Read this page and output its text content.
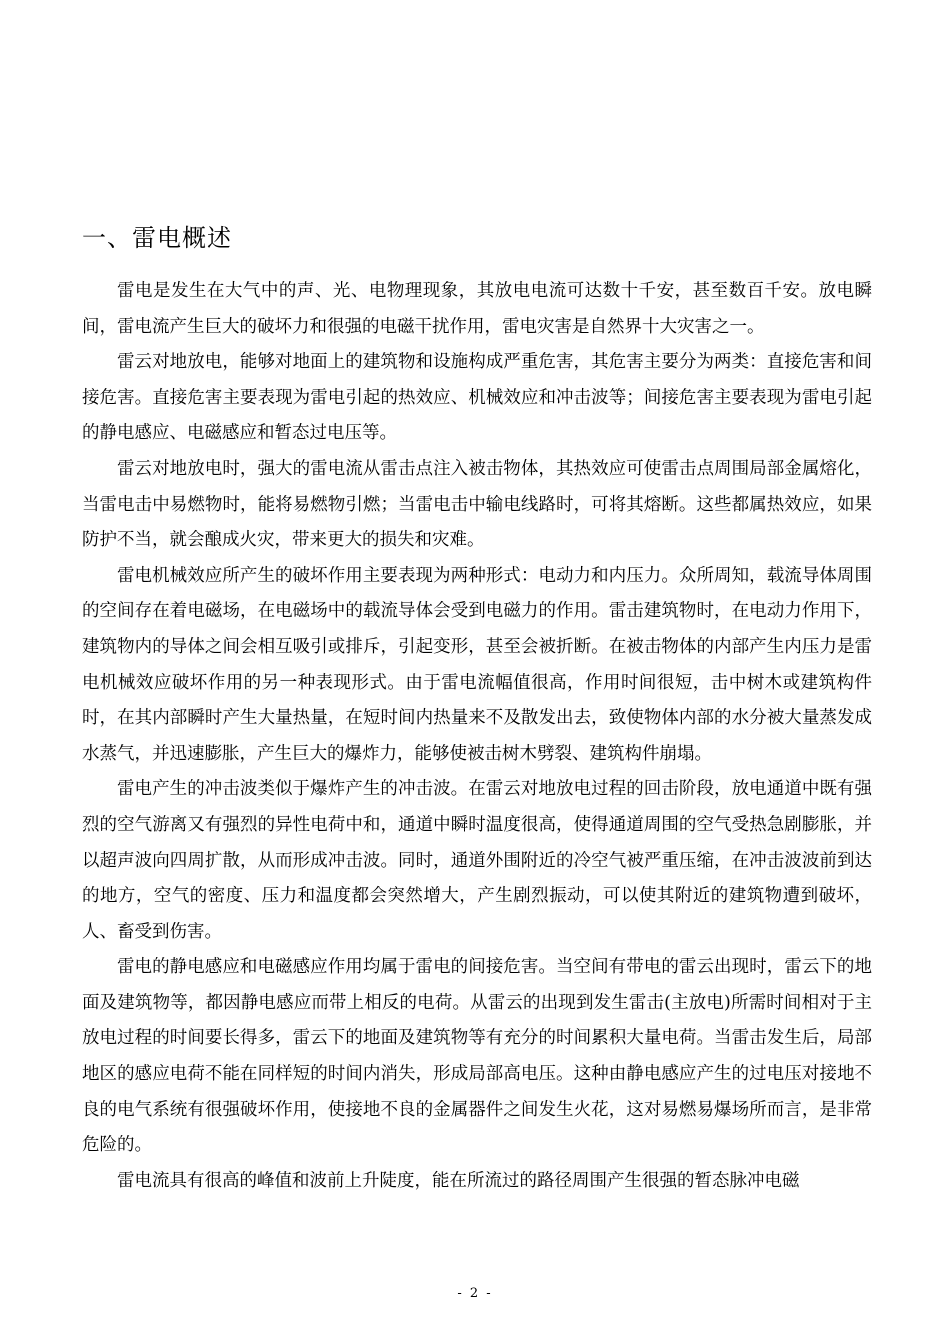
一、雷电概述

雷电是发生在大气中的声、光、电物理现象，其放电电流可达数十千安，甚至数百千安。放电瞬间，雷电流产生巨大的破坏力和很强的电磁干扰作用，雷电灾害是自然界十大灾害之一。

雷云对地放电，能够对地面上的建筑物和设施构成严重危害，其危害主要分为两类：直接危害和间接危害。直接危害主要表现为雷电引起的热效应、机械效应和冲击波等；间接危害主要表现为雷电引起的静电感应、电磁感应和暂态过电压等。

雷云对地放电时，强大的雷电流从雷击点注入被击物体，其热效应可使雷击点周围局部金属熔化，当雷电击中易燃物时，能将易燃物引燃；当雷电击中输电线路时，可将其熔断。这些都属热效应，如果防护不当，就会酿成火灾，带来更大的损失和灾难。

雷电机械效应所产生的破坏作用主要表现为两种形式：电动力和内压力。众所周知，载流导体周围的空间存在着电磁场，在电磁场中的载流导体会受到电磁力的作用。雷击建筑物时，在电动力作用下，建筑物内的导体之间会相互吸引或排斥，引起变形，甚至会被折断。在被击物体的内部产生内压力是雷电机械效应破坏作用的另一种表现形式。由于雷电流幅值很高，作用时间很短，击中树木或建筑构件时，在其内部瞬时产生大量热量，在短时间内热量来不及散发出去，致使物体内部的水分被大量蒸发成水蒸气，并迅速膨胀，产生巨大的爆炸力，能够使被击树木劈裂、建筑构件崩塌。

雷电产生的冲击波类似于爆炸产生的冲击波。在雷云对地放电过程的回击阶段，放电通道中既有强烈的空气游离又有强烈的异性电荷中和，通道中瞬时温度很高，使得通道周围的空气受热急剧膨胀，并以超声波向四周扩散，从而形成冲击波。同时，通道外围附近的冷空气被严重压缩，在冲击波波前到达的地方，空气的密度、压力和温度都会突然增大，产生剧烈振动，可以使其附近的建筑物遭到破坏，人、畜受到伤害。

雷电的静电感应和电磁感应作用均属于雷电的间接危害。当空间有带电的雷云出现时，雷云下的地面及建筑物等，都因静电感应而带上相反的电荷。从雷云的出现到发生雷击(主放电)所需时间相对于主放电过程的时间要长得多，雷云下的地面及建筑物等有充分的时间累积大量电荷。当雷击发生后，局部地区的感应电荷不能在同样短的时间内消失，形成局部高电压。这种由静电感应产生的过电压对接地不良的电气系统有很强破坏作用，使接地不良的金属器件之间发生火花，这对易燃易爆场所而言，是非常危险的。

雷电流具有很高的峰值和波前上升陡度，能在所流过的路径周围产生很强的暂态脉冲电磁

- 2 -
